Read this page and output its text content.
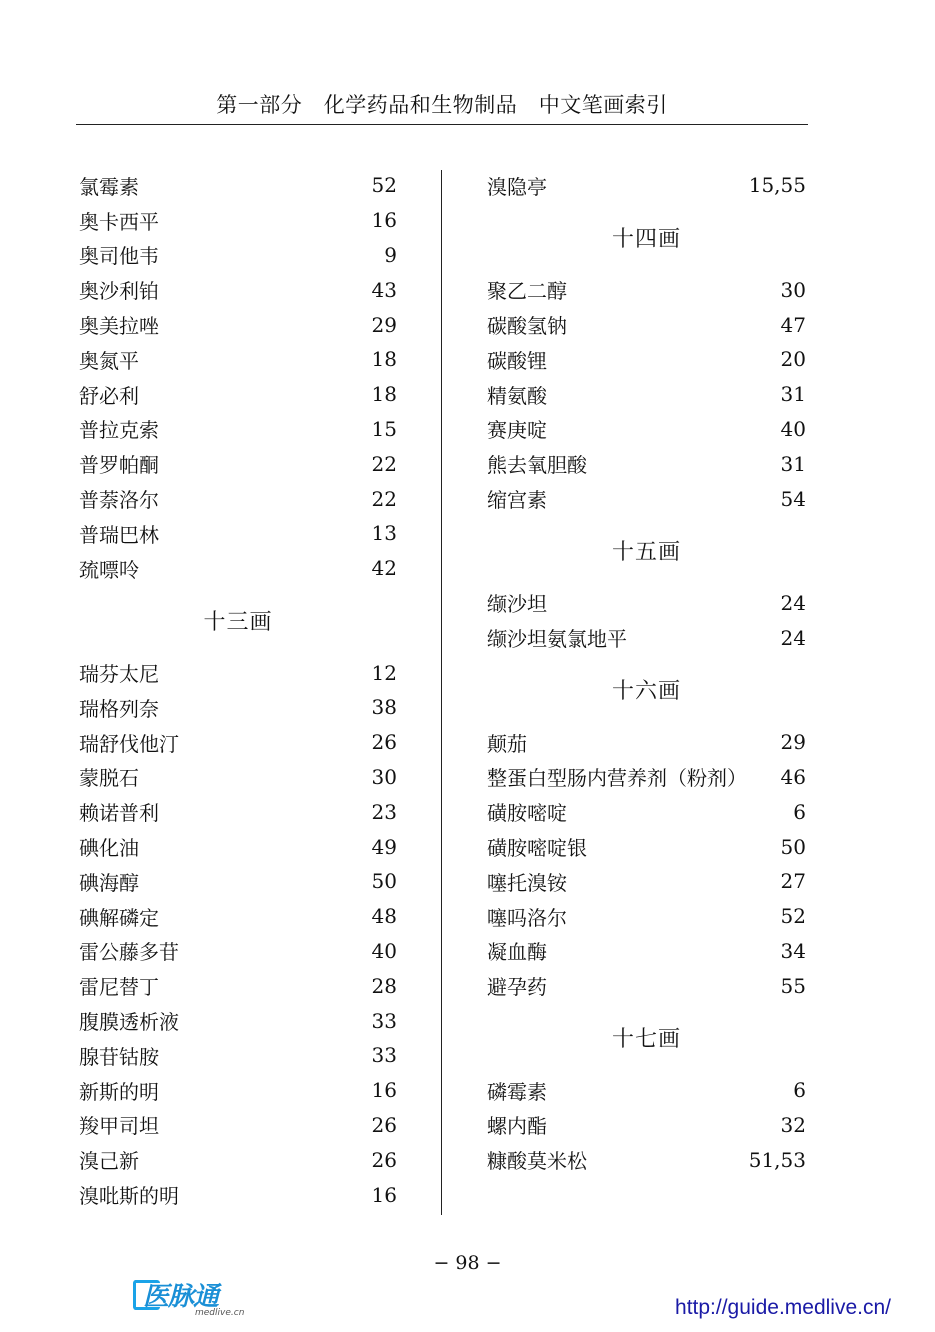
第一部分　化学药品和生物制品　中文笔画索引
氯霉素	52
奥卡西平	16
奥司他韦	9
奥沙利铂	43
奥美拉唑	29
奥氮平	18
舒必利	18
普拉克索	15
普罗帕酮	22
普萘洛尔	22
普瑞巴林	13
巯嘌呤	42
十三画
瑞芬太尼	12
瑞格列奈	38
瑞舒伐他汀	26
蒙脱石	30
赖诺普利	23
碘化油	49
碘海醇	50
碘解磷定	48
雷公藤多苷	40
雷尼替丁	28
腹膜透析液	33
腺苷钴胺	33
新斯的明	16
羧甲司坦	26
溴己新	26
溴吡斯的明	16
溴隐亭	15,55
十四画
聚乙二醇	30
碳酸氢钠	47
碳酸锂	20
精氨酸	31
赛庚啶	40
熊去氧胆酸	31
缩宫素	54
十五画
缬沙坦	24
缬沙坦氨氯地平	24
十六画
颠茄	29
整蛋白型肠内营养剂（粉剂） 46
磺胺嘧啶	6
磺胺嘧啶银	50
噻托溴铵	27
噻吗洛尔	52
凝血酶	34
避孕药	55
十七画
磷霉素	6
螺内酯	32
糠酸莫米松	51,53
− 98 −
医脉通
medlive.cn	http://guide.medlive.cn/
